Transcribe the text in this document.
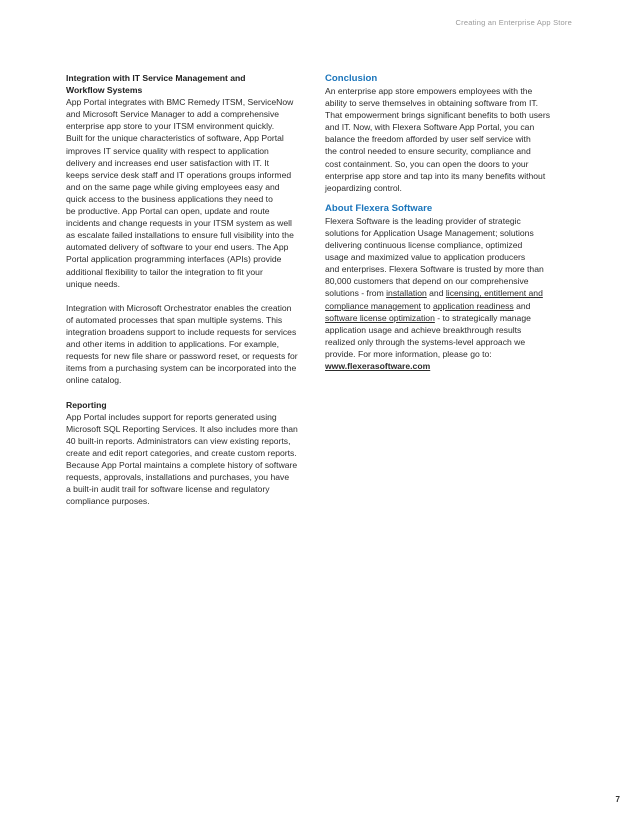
Creating an Enterprise App Store
Integration with IT Service Management and
Workflow Systems
App Portal integrates with BMC Remedy ITSM, ServiceNow
and Microsoft Service Manager to add a comprehensive
enterprise app store to your ITSM environment quickly.
Built for the unique characteristics of software, App Portal
improves IT service quality with respect to application
delivery and increases end user satisfaction with IT. It
keeps service desk staff and IT operations groups informed
and on the same page while giving employees easy and
quick access to the business applications they need to
be productive. App Portal can open, update and route
incidents and change requests in your ITSM system as well
as escalate failed installations to ensure full visibility into the
automated delivery of software to your end users. The App
Portal application programming interfaces (APIs) provide
additional flexibility to tailor the integration to fit your
unique needs.
Integration with Microsoft Orchestrator enables the creation
of automated processes that span multiple systems. This
integration broadens support to include requests for services
and other items in addition to applications. For example,
requests for new file share or password reset, or requests for
items from a purchasing system can be incorporated into the
online catalog.
Reporting
App Portal includes support for reports generated using
Microsoft SQL Reporting Services. It also includes more than
40 built-in reports. Administrators can view existing reports,
create and edit report categories, and create custom reports.
Because App Portal maintains a complete history of software
requests, approvals, installations and purchases, you have
a built-in audit trail for software license and regulatory
compliance purposes.
Conclusion
An enterprise app store empowers employees with the
ability to serve themselves in obtaining software from IT.
That empowerment brings significant benefits to both users
and IT. Now, with Flexera Software App Portal, you can
balance the freedom afforded by user self service with
the control needed to ensure security, compliance and
cost containment. So, you can open the doors to your
enterprise app store and tap into its many benefits without
jeopardizing control.
About Flexera Software
Flexera Software is the leading provider of strategic
solutions for Application Usage Management; solutions
delivering continuous license compliance, optimized
usage and maximized value to application producers
and enterprises. Flexera Software is trusted by more than
80,000 customers that depend on our comprehensive
solutions - from installation and licensing, entitlement and
compliance management to application readiness and
software license optimization - to strategically manage
application usage and achieve breakthrough results
realized only through the systems-level approach we
provide. For more information, please go to:
www.flexerasoftware.com
7
